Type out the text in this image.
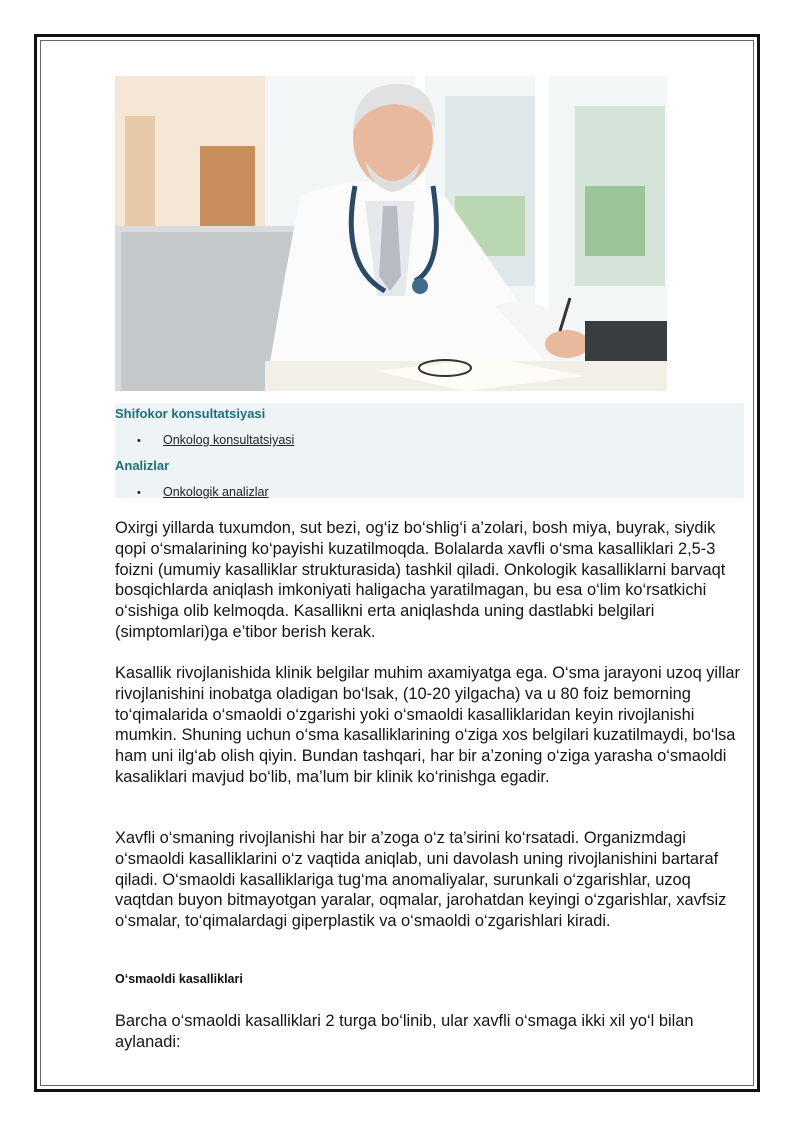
Shifokor konsultatsiyasi
• Onkolog konsultatsiyasi
Analizlar
• Onkologik analizlar

Oxirgi yillarda tuxumdon, sut bezi, og‘iz bo‘shlig‘i a’zolari, bosh miya, buyrak, siydik qopi o‘smalarining ko‘payishi kuzatilmoqda. Bolalarda xavfli o‘sma kasalliklari 2,5-3 foizni (umumiy kasalliklar strukturasida) tashkil qiladi. Onkologik kasalliklarni barvaqt bosqichlarda aniqlash imkoniyati haligacha yaratilmagan, bu esa o‘lim ko‘rsatkichi o‘sishiga olib kelmoqda. Kasallikni erta aniqlashda uning dastlabki belgilari (simptomlari)ga e’tibor berish kerak.

Kasallik rivojlanishida klinik belgilar muhim axamiyatga ega. O‘sma jarayoni uzoq yillar rivojlanishini inobatga oladigan bo‘lsak, (10-20 yilgacha) va u 80 foiz bemorning to‘qimalarida o‘smaoldi o‘zgarishi yoki o‘smaoldi kasalliklaridan keyin rivojlanishi mumkin. Shuning uchun o‘sma kasalliklarining o‘ziga xos belgilari kuzatilmaydi, bo‘lsa ham uni ilg‘ab olish qiyin. Bundan tashqari, har bir a’zoning o‘ziga yarasha o‘smaoldi kasaliklari mavjud bo‘lib, ma’lum bir klinik ko‘rinishga egadir.

Xavfli o‘smaning rivojlanishi har bir a’zoga o‘z ta’sirini ko‘rsatadi. Organizmdagi o‘smaoldi kasalliklarini o‘z vaqtida aniqlab, uni davolash uning rivojlanishini bartaraf qiladi. O‘smaoldi kasalliklariga tug‘ma anomaliyalar, surunkali o‘zgarishlar, uzoq vaqtdan buyon bitmayotgan yaralar, oqmalar, jarohatdan keyingi o‘zgarishlar, xavfsiz o‘smalar, to‘qimalardagi giperplastik va o‘smaoldi o‘zgarishlari kiradi.

O‘smaoldi kasalliklari

Barcha o‘smaoldi kasalliklari 2 turga bo‘linib, ular xavfli o‘smaga ikki xil yo‘l bilan aylanadi:
